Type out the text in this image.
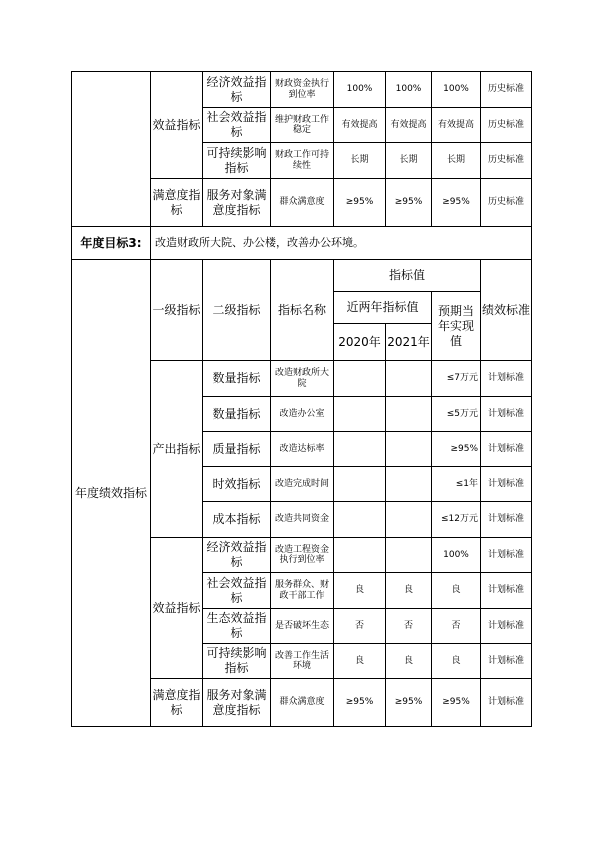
	效益指标	经济效益指标	财政资金执行到位率	100%	100%	100%	历史标准
		社会效益指标	维护财政工作稳定	有效提高	有效提高	有效提高	历史标准
		可持续影响指标	财政工作可持续性	长期	长期	长期	历史标准
	满意度指标	服务对象满意度指标	群众满意度	≥95%	≥95%	≥95%	历史标准
年度目标3:	改造财政所大院、办公楼，改善办公环境。						
年度绩效指标	一级指标	二级指标	指标名称	指标值			绩效标准
				近两年指标值		预期当年实现值	
				2020年	2021年		
	产出指标	数量指标	改造财政所大院			≤7万元	计划标准
		数量指标	改造办公室			≤5万元	计划标准
		质量指标	改造达标率			≥95%	计划标准
		时效指标	改造完成时间			≤1年	计划标准
		成本指标	改造共同资金			≤12万元	计划标准
	效益指标	经济效益指标	改造工程资金执行到位率			100%	计划标准
		社会效益指标	服务群众、财政干部工作	良	良	良	计划标准
		生态效益指标	是否破坏生态	否	否	否	计划标准
		可持续影响指标	改善工作生活环境	良	良	良	计划标准
	满意度指标	服务对象满意度指标	群众满意度	≥95%	≥95%	≥95%	计划标准
